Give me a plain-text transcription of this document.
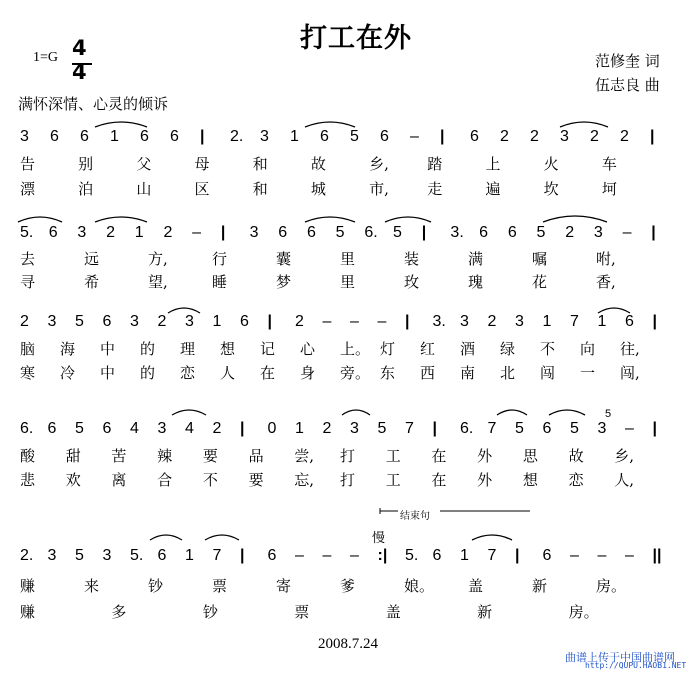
打工在外
1=G 4
4	范修奎 词
伍志良 曲
满怀深情、心灵的倾诉
结束句
慢
2008.7.24
曲谱上传于中国曲谱网
http://QUPU.HAOB1.NET
3 6 6 1 6 6 | 2. 3 1 6 5 6 – | 6 2 2 3 2 2 |
告	别	父	母	和	故	乡,	踏	上	火	车
漂	泊	山	区	和	城	市,	走	遍	坎	坷
5. 6 3 2 1 2 – | 3 6 6 5 6. 5 | 3. 6 6 5 2 3 – |
去	远	方,	行	囊	里	装	满	嘱	咐,
寻	希	望,	睡	梦	里	玫	瑰	花	香,
2 3 5 6 3 2 3 1 6 | 2 – – – | 3. 3 2 3 1 7 1 6 |
脑 海 中 的 理 想 记 心 上。 灯 红 酒 绿 不 向 往,
寒 冷 中 的 恋 人 在 身 旁。 东 西 南 北 闯 一 闯,
6. 6 5 6 4 3 4 2 | 0 1 2 3 5 7 | 6. 7 5 6 5 3 – |
酸 甜 苦 辣 要 品 尝, 打 工 在 外 思 故 乡,
悲 欢 离 合 不 要 忘, 打 工 在 外 想 恋 人,
2. 3 5 3 5. 6 1 7 | 6 – – – :| 5. 6 1 7 | 6 – – – ||
赚	来	钞	票	寄	爹	娘。 盖	新	房。
赚	多	钞	票	盖	新	房。
5
